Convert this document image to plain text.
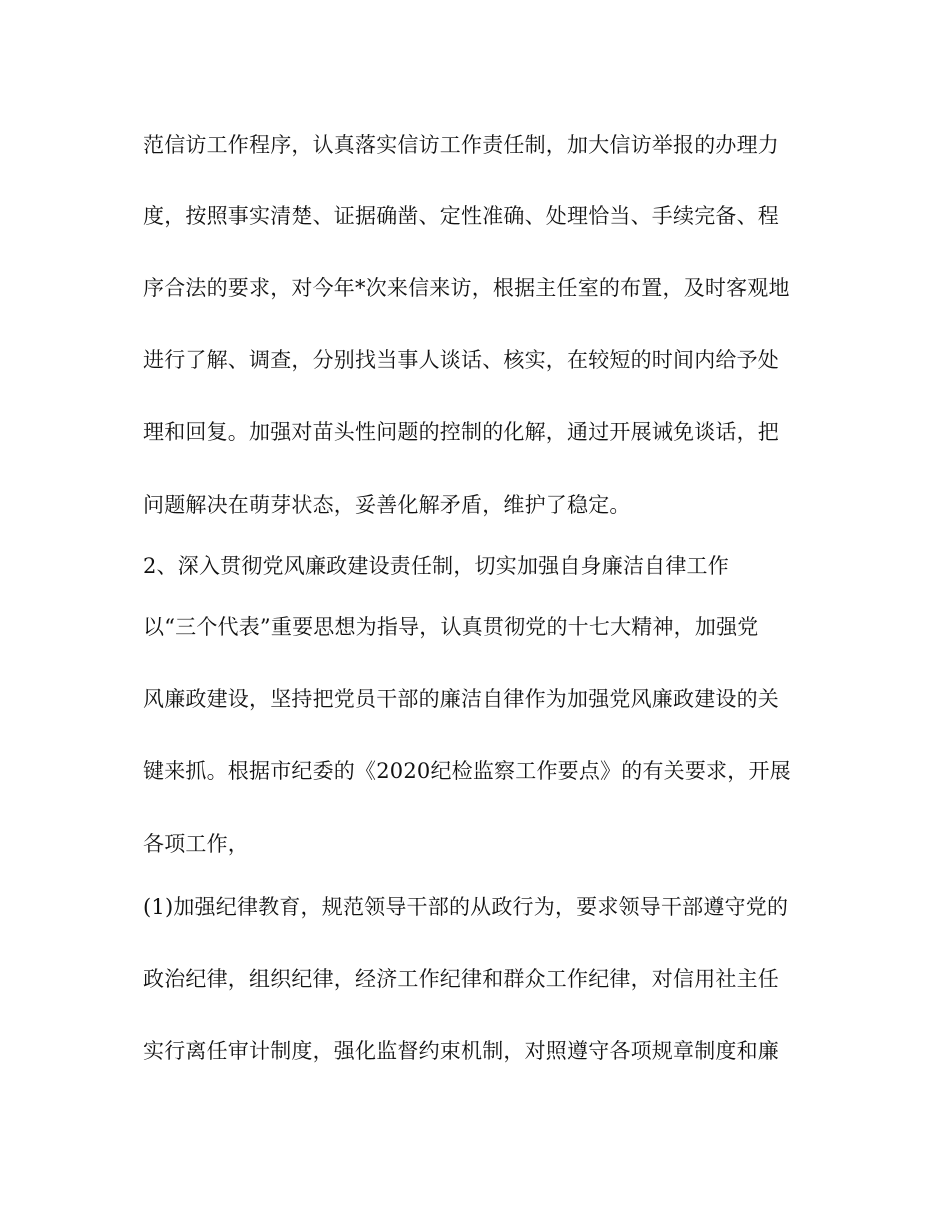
范信访工作程序，认真落实信访工作责任制，加大信访举报的办理力
度，按照事实清楚、证据确凿、定性准确、处理恰当、手续完备、程
序合法的要求，对今年*次来信来访，根据主任室的布置，及时客观地
进行了解、调查，分别找当事人谈话、核实，在较短的时间内给予处
理和回复。加强对苗头性问题的控制的化解，通过开展诫免谈话，把
问题解决在萌芽状态，妥善化解矛盾，维护了稳定。
2、深入贯彻党风廉政建设责任制，切实加强自身廉洁自律工作
以“三个代表”重要思想为指导，认真贯彻党的十七大精神，加强党
风廉政建设，坚持把党员干部的廉洁自律作为加强党风廉政建设的关
键来抓。根据市纪委的《2020纪检监察工作要点》的有关要求，开展
各项工作，
(1)加强纪律教育，规范领导干部的从政行为，要求领导干部遵守党的
政治纪律，组织纪律，经济工作纪律和群众工作纪律，对信用社主任
实行离任审计制度，强化监督约束机制，对照遵守各项规章制度和廉
